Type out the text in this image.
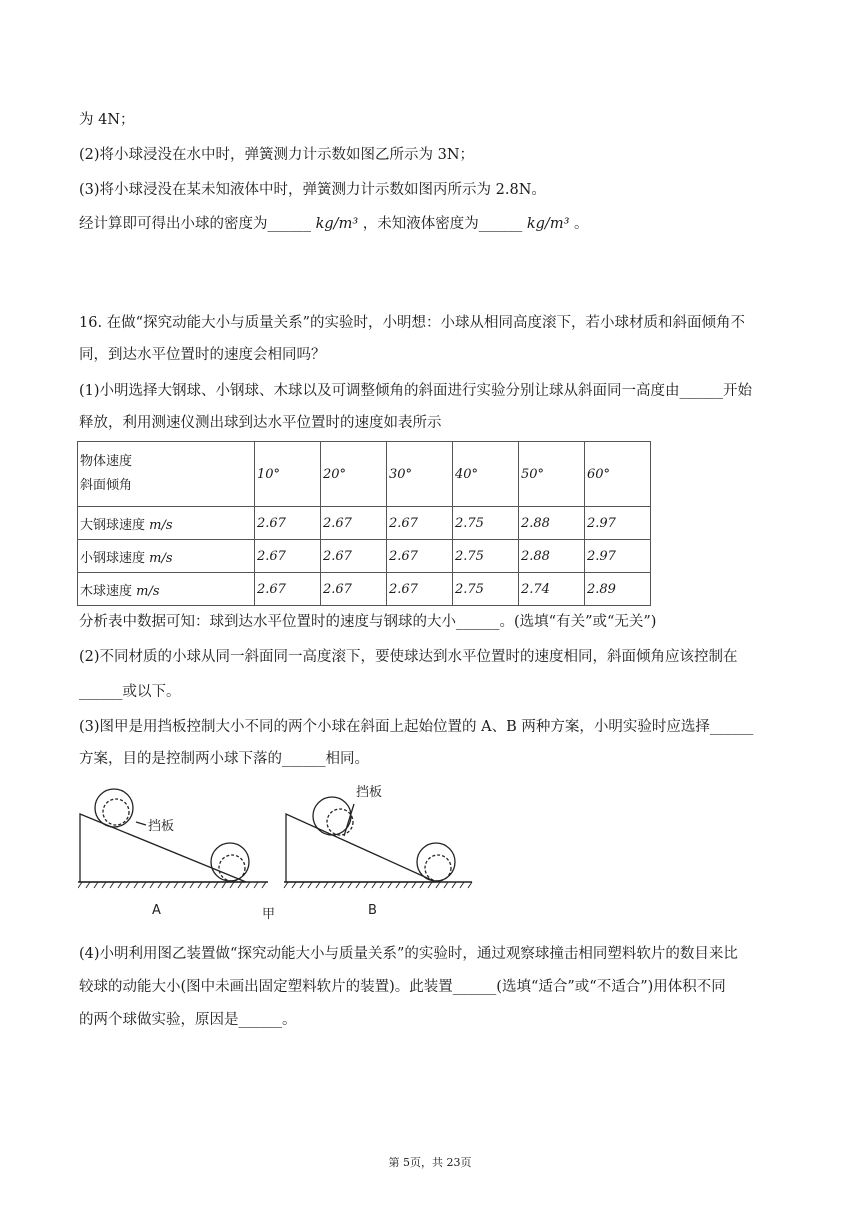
为 4N；
(2)将小球浸没在水中时，弹簧测力计示数如图乙所示为 3N；
(3)将小球浸没在某未知液体中时，弹簧测力计示数如图丙所示为 2.8N。
经计算即可得出小球的密度为______ kg/m³ ，未知液体密度为______ kg/m³ 。
16. 在做“探究动能大小与质量关系”的实验时，小明想：小球从相同高度滚下，若小球材质和斜面倾角不
同，到达水平位置时的速度会相同吗？
(1)小明选择大钢球、小钢球、木球以及可调整倾角的斜面进行实验分别让球从斜面同一高度由______开始
释放，利用测速仪测出球到达水平位置时的速度如表所示
物体速度
斜面倾角	10°	20°	30°	40°	50°	60°
大钢球速度 m/s	2.67	2.67	2.67	2.75	2.88	2.97
小钢球速度 m/s	2.67	2.67	2.67	2.75	2.88	2.97
木球速度 m/s	2.67	2.67	2.67	2.75	2.74	2.89
分析表中数据可知：球到达水平位置时的速度与钢球的大小______。(选填“有关”或“无关”)
(2)不同材质的小球从同一斜面同一高度滚下，要使球达到水平位置时的速度相同，斜面倾角应该控制在
______或以下。
(3)图甲是用挡板控制大小不同的两个小球在斜面上起始位置的 A、B 两种方案，小明实验时应选择______
方案，目的是控制两小球下落的______相同。
挡板
挡板
A	B
甲
(4)小明利用图乙装置做“探究动能大小与质量关系”的实验时，通过观察球撞击相同塑料软片的数目来比
较球的动能大小(图中未画出固定塑料软片的装置)。此装置______(选填“适合”或“不适合”)用体积不同
的两个球做实验，原因是______。
第 5页，共 23页
